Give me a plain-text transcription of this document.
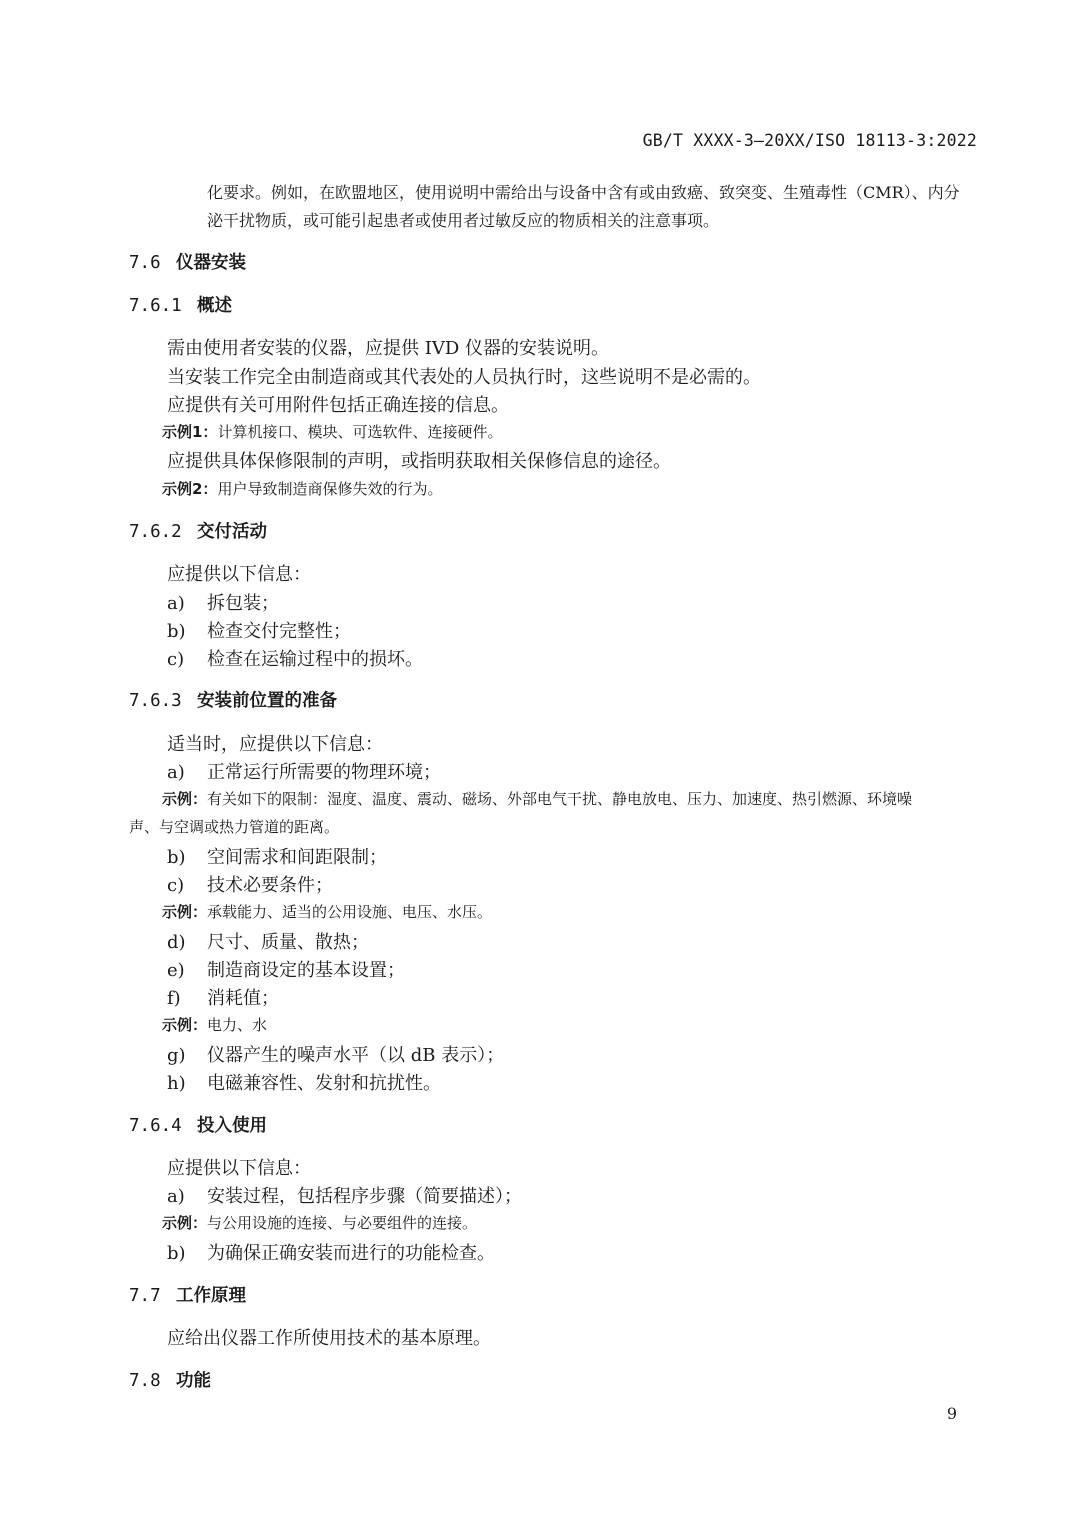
GB/T XXXX-3—20XX/ISO 18113-3:2022
化要求。例如，在欧盟地区，使用说明中需给出与设备中含有或由致癌、致突变、生殖毒性（CMR）、内分
泌干扰物质，或可能引起患者或使用者过敏反应的物质相关的注意事项。
7.6 仪器安装
7.6.1 概述
需由使用者安装的仪器，应提供 IVD 仪器的安装说明。
当安装工作完全由制造商或其代表处的人员执行时，这些说明不是必需的。
应提供有关可用附件包括正确连接的信息。
示例1：计算机接口、模块、可选软件、连接硬件。
应提供具体保修限制的声明，或指明获取相关保修信息的途径。
示例2：用户导致制造商保修失效的行为。
7.6.2 交付活动
应提供以下信息：
a) 拆包装；
b) 检查交付完整性；
c) 检查在运输过程中的损坏。
7.6.3 安装前位置的准备
适当时，应提供以下信息：
a) 正常运行所需要的物理环境；
示例：有关如下的限制：湿度、温度、震动、磁场、外部电气干扰、静电放电、压力、加速度、热引燃源、环境噪
声、与空调或热力管道的距离。
b) 空间需求和间距限制；
c) 技术必要条件；
示例：承载能力、适当的公用设施、电压、水压。
d) 尺寸、质量、散热；
e) 制造商设定的基本设置；
f) 消耗值；
示例：电力、水
g) 仪器产生的噪声水平（以 dB 表示）；
h) 电磁兼容性、发射和抗扰性。
7.6.4 投入使用
应提供以下信息：
a) 安装过程，包括程序步骤（简要描述）；
示例：与公用设施的连接、与必要组件的连接。
b) 为确保正确安装而进行的功能检查。
7.7 工作原理
应给出仪器工作所使用技术的基本原理。
7.8 功能
9
